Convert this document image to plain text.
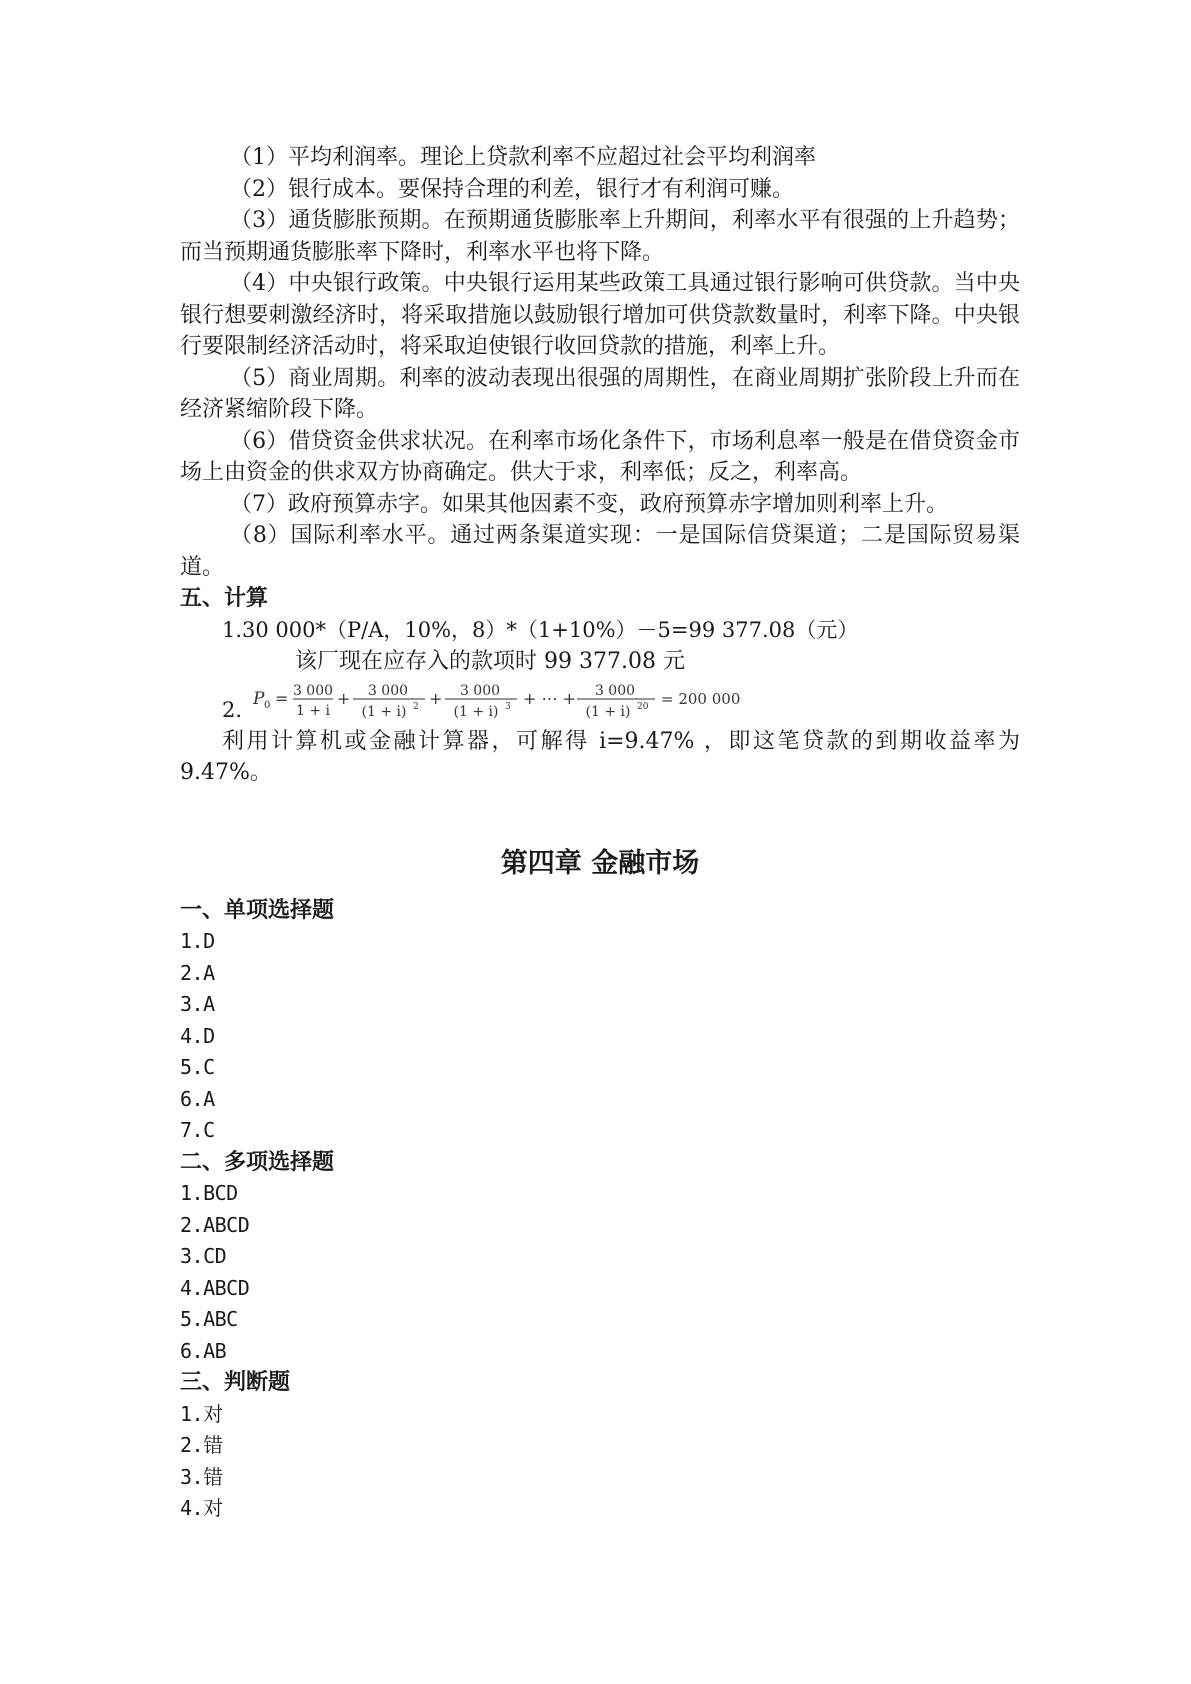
（1）平均利润率。理论上贷款利率不应超过社会平均利润率

（2）银行成本。要保持合理的利差，银行才有利润可赚。

（3）通货膨胀预期。在预期通货膨胀率上升期间，利率水平有很强的上升趋势；而当预期通货膨胀率下降时，利率水平也将下降。

（4）中央银行政策。中央银行运用某些政策工具通过银行影响可供贷款。当中央银行想要刺激经济时，将采取措施以鼓励银行增加可供贷款数量时，利率下降。中央银行要限制经济活动时，将采取迫使银行收回贷款的措施，利率上升。

（5）商业周期。利率的波动表现出很强的周期性，在商业周期扩张阶段上升而在经济紧缩阶段下降。

（6）借贷资金供求状况。在利率市场化条件下，市场利息率一般是在借贷资金市场上由资金的供求双方协商确定。供大于求，利率低；反之，利率高。

（7）政府预算赤字。如果其他因素不变，政府预算赤字增加则利率上升。

（8）国际利率水平。通过两条渠道实现：一是国际信贷渠道；二是国际贸易渠道。

五、计算

1.30 000*（P/A，10%，8）*（1+10%）－5=99 377.08（元）

该厂现在应存入的款项时 99 377.08 元

2. P 0 = 3 000
1 + i
+ 3 000
(1 + i) 2 + 3 000
(1 + i) 3 + ⋯ + 3 000
(1 + i) 20 = 200 000

利用计算机或金融计算器，可解得 i=9.47% ，即这笔贷款的到期收益率为9.47%。

第四章 金融市场
一、单项选择题

1.D

2.A

3.A

4.D

5.C

6.A

7.C

二、多项选择题

1.BCD

2.ABCD

3.CD

4.ABCD

5.ABC

6.AB

三、判断题

1.对

2.错

3.错

4.对
